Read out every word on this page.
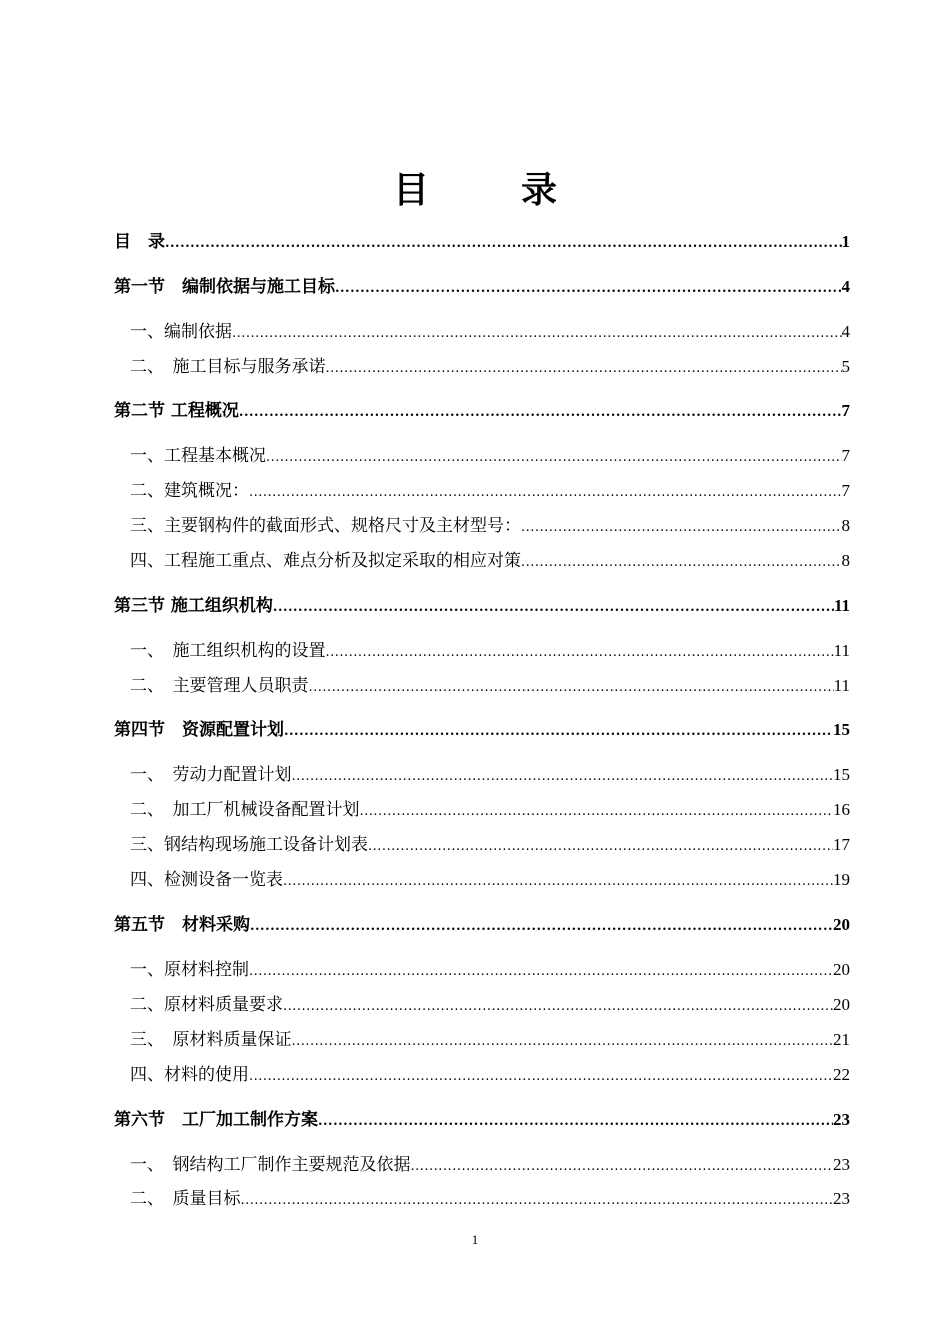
目　录
目　录 .....	1
第一节　编制依据与施工目标 .....	4
一、编制依据 .....	4
二、　施工目标与服务承诺 .....	5
第二节 工程概况 .....	7
一、工程基本概况 .....	7
二、建筑概况： .....	7
三、主要钢构件的截面形式、规格尺寸及主材型号： .....	8
四、工程施工重点、难点分析及拟定采取的相应对策 .....	8
第三节 施工组织机构 .....	11
一、　施工组织机构的设置 .....	11
二、　主要管理人员职责 .....	11
第四节　资源配置计划 .....	15
一、　劳动力配置计划 .....	15
二、　加工厂机械设备配置计划 .....	16
三、钢结构现场施工设备计划表 .....	17
四、检测设备一览表 .....	19
第五节　材料采购 .....	20
一、原材料控制 .....	20
二、原材料质量要求 .....	20
三、　原材料质量保证 .....	21
四、材料的使用 .....	22
第六节　工厂加工制作方案 .....	23
一、　钢结构工厂制作主要规范及依据 .....	23
二、　质量目标 .....	23
1
